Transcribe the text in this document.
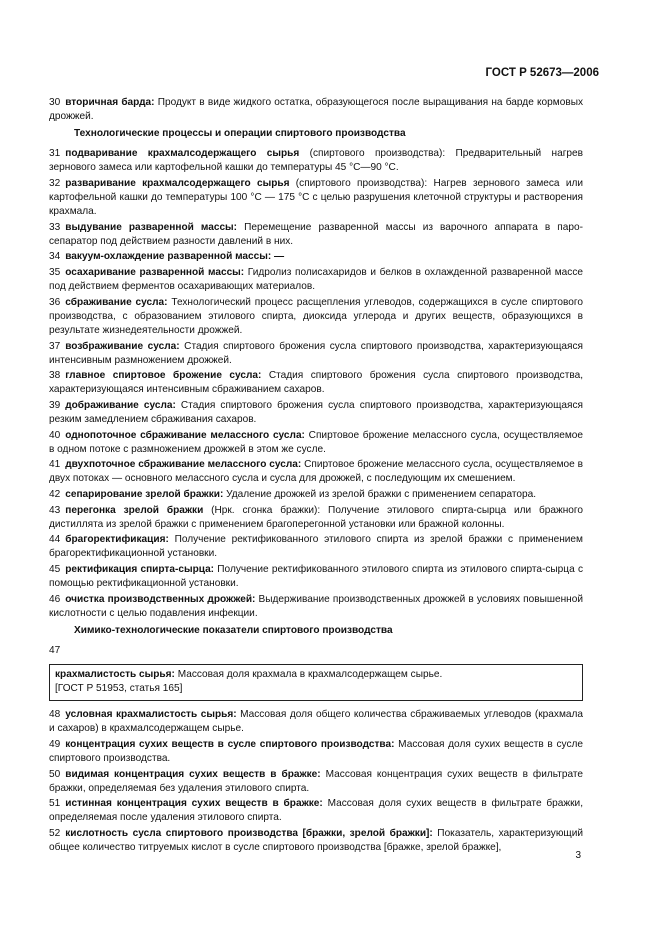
ГОСТ Р 52673—2006
30 вторичная барда: Продукт в виде жидкого остатка, образующегося после выращивания на барде кормовых дрожжей.
Технологические процессы и операции спиртового производства
31 подваривание крахмалсодержащего сырья (спиртового производства): Предварительный нагрев зернового замеса или картофельной кашки до температуры 45 °С—90 °С.
32 разваривание крахмалсодержащего сырья (спиртового производства): Нагрев зернового замеса или картофельной кашки до температуры 100 °С — 175 °С с целью разрушения клеточной структуры и растворения крахмала.
33 выдувание разваренной массы: Перемещение разваренной массы из варочного аппарата в паросепаратор под действием разности давлений в них.
34 вакуум-охлаждение разваренной массы: —
35 осахаривание разваренной массы: Гидролиз полисахаридов и белков в охлажденной разваренной массе под действием ферментов осахаривающих материалов.
36 сбраживание сусла: Технологический процесс расщепления углеводов, содержащихся в сусле спиртового производства, с образованием этилового спирта, диоксида углерода и других веществ, образующихся в результате жизнедеятельности дрожжей.
37 возбраживание сусла: Стадия спиртового брожения сусла спиртового производства, характеризующаяся интенсивным размножением дрожжей.
38 главное спиртовое брожение сусла: Стадия спиртового брожения сусла спиртового производства, характеризующаяся интенсивным сбраживанием сахаров.
39 дображивание сусла: Стадия спиртового брожения сусла спиртового производства, характеризующаяся резким замедлением сбраживания сахаров.
40 однопоточное сбраживание мелассного сусла: Спиртовое брожение мелассного сусла, осуществляемое в одном потоке с размножением дрожжей в этом же сусле.
41 двухпоточное сбраживание мелассного сусла: Спиртовое брожение мелассного сусла, осуществляемое в двух потоках — основного мелассного сусла и сусла для дрожжей, с последующим их смешением.
42 сепарирование зрелой бражки: Удаление дрожжей из зрелой бражки с применением сепаратора.
43 перегонка зрелой бражки (Нрк. сгонка бражки): Получение этилового спирта-сырца или бражного дистиллята из зрелой бражки с применением брагоперегонной установки или бражной колонны.
44 брагоректификация: Получение ректификованного этилового спирта из зрелой бражки с применением брагоректификационной установки.
45 ректификация спирта-сырца: Получение ректификованного этилового спирта из этилового спирта-сырца с помощью ректификационной установки.
46 очистка производственных дрожжей: Выдерживание производственных дрожжей в условиях повышенной кислотности с целью подавления инфекции.
Химико-технологические показатели спиртового производства
47
крахмалистость сырья: Массовая доля крахмала в крахмалсодержащем сырье.
[ГОСТ Р 51953, статья 165]
48 условная крахмалистость сырья: Массовая доля общего количества сбраживаемых углеводов (крахмала и сахаров) в крахмалсодержащем сырье.
49 концентрация сухих веществ в сусле спиртового производства: Массовая доля сухих веществ в сусле спиртового производства.
50 видимая концентрация сухих веществ в бражке: Массовая концентрация сухих веществ в фильтрате бражки, определяемая без удаления этилового спирта.
51 истинная концентрация сухих веществ в бражке: Массовая доля сухих веществ в фильтрате бражки, определяемая после удаления этилового спирта.
52 кислотность сусла спиртового производства [бражки, зрелой бражки]: Показатель, характеризующий общее количество титруемых кислот в сусле спиртового производства [бражке, зрелой бражке],
3
